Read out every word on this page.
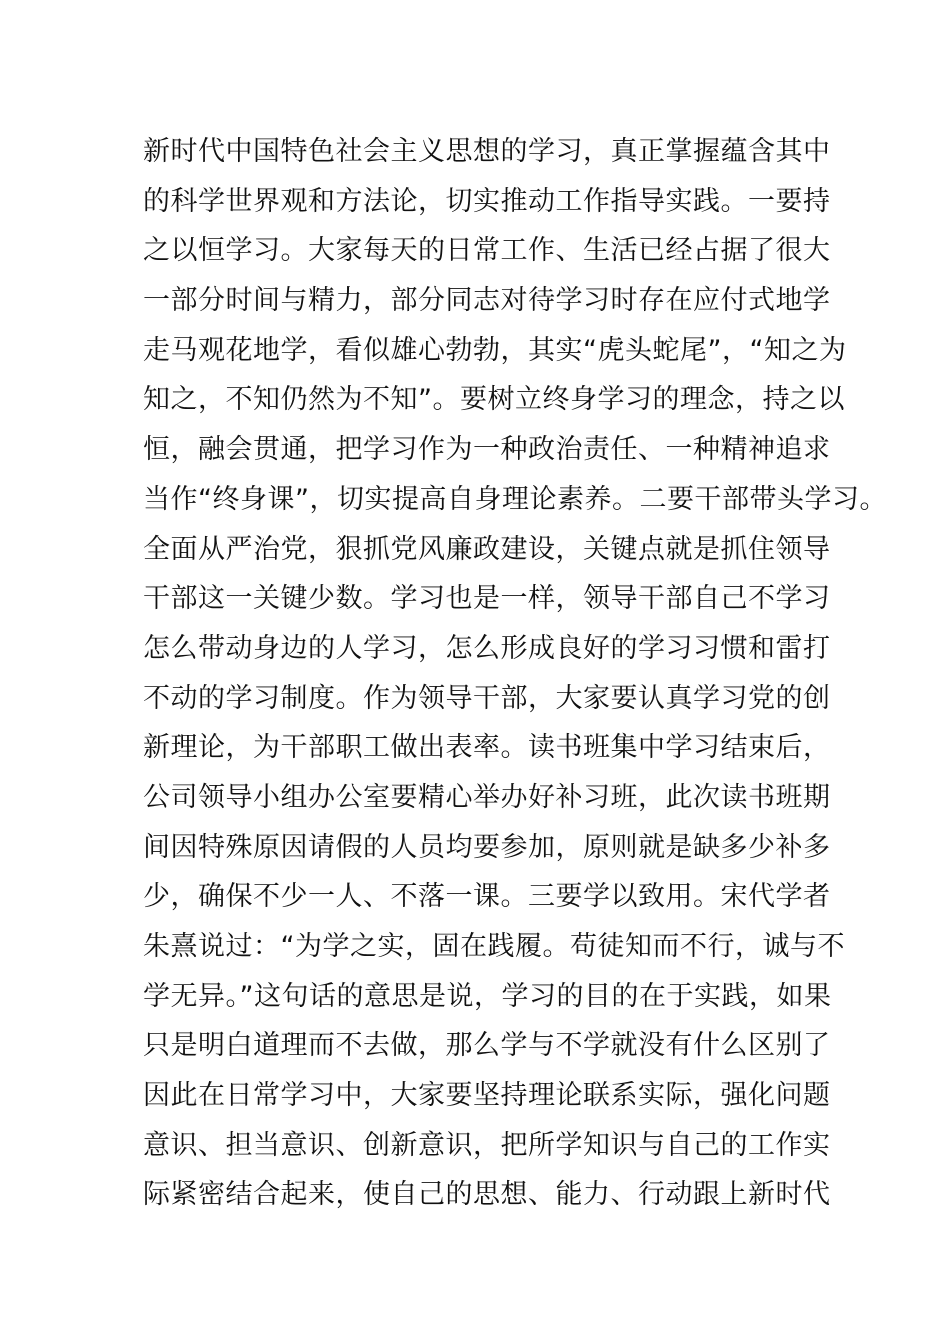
新时代中国特色社会主义思想的学习，真正掌握蕴含其中
的科学世界观和方法论，切实推动工作指导实践。一要持
之以恒学习。大家每天的日常工作、生活已经占据了很大
一部分时间与精力，部分同志对待学习时存在应付式地学
走马观花地学，看似雄心勃勃，其实“虎头蛇尾”，“知之为
知之，不知仍然为不知”。要树立终身学习的理念，持之以
恒，融会贯通，把学习作为一种政治责任、一种精神追求
当作“终身课”，切实提高自身理论素养。二要干部带头学习。
全面从严治党，狠抓党风廉政建设，关键点就是抓住领导
干部这一关键少数。学习也是一样，领导干部自己不学习
怎么带动身边的人学习，怎么形成良好的学习习惯和雷打
不动的学习制度。作为领导干部，大家要认真学习党的创
新理论，为干部职工做出表率。读书班集中学习结束后，
公司领导小组办公室要精心举办好补习班，此次读书班期
间因特殊原因请假的人员均要参加，原则就是缺多少补多
少，确保不少一人、不落一课。三要学以致用。宋代学者
朱熹说过：“为学之实，固在践履。苟徒知而不行，诚与不
学无异。”这句话的意思是说，学习的目的在于实践，如果
只是明白道理而不去做，那么学与不学就没有什么区别了
因此在日常学习中，大家要坚持理论联系实际，强化问题
意识、担当意识、创新意识，把所学知识与自己的工作实
际紧密结合起来，使自己的思想、能力、行动跟上新时代
